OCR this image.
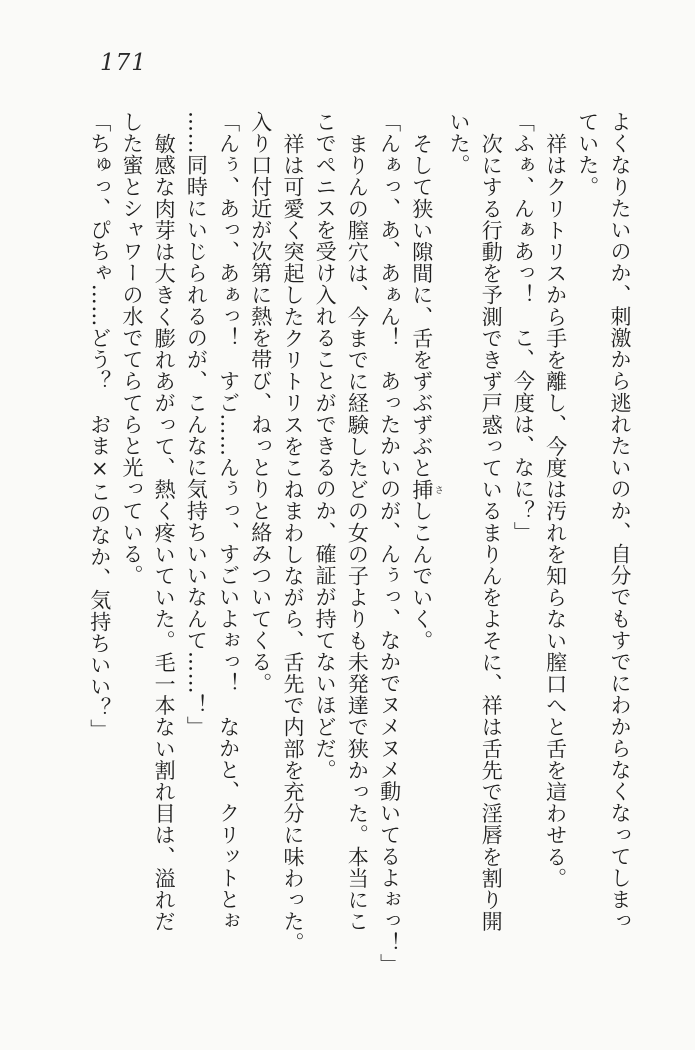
171
よくなりたいのか、刺激から逃れたいのか、自分でもすでにわからなくなってしまっ
ていた。
祥はクリトリスから手を離し、今度は汚れを知らない膣口へと舌を這わせる。
「ふぁ、んぁあっ！　こ、今度は、なに？」
次にする行動を予測できず戸惑っているまりんをよそに、祥は舌先で淫唇を割り開
いた。
そして狭い隙間に、舌をずぶずぶと挿 さしこんでいく。
「んぁっ、あ、あぁん！　あったかいのが、んぅっ、なかでヌメヌメ動いてるよぉっ！」
まりんの膣穴は、今までに経験したどの女の子よりも未発達で狭かった。本当にこ
こでペニスを受け入れることができるのか、確証が持てないほどだ。
祥は可愛く突起したクリトリスをこねまわしながら、舌先で内部を充分に味わった。
入り口付近が次第に熱を帯び、ねっとりと絡みついてくる。
「んぅ、あっ、あぁっ！　すご……んぅっ、すごいよぉっ！　なかと、クリットとぉ
……同時にいじられるのが、こんなに気持ちいいなんて……！」
敏感な肉芽は大きく膨れあがって、熱く疼いていた。毛一本ない割れ目は、溢れだ
した蜜とシャワーの水でてらてらと光っている。
「ちゅっ、ぴちゃ……どう？　おま×このなか、気持ちいい？」
